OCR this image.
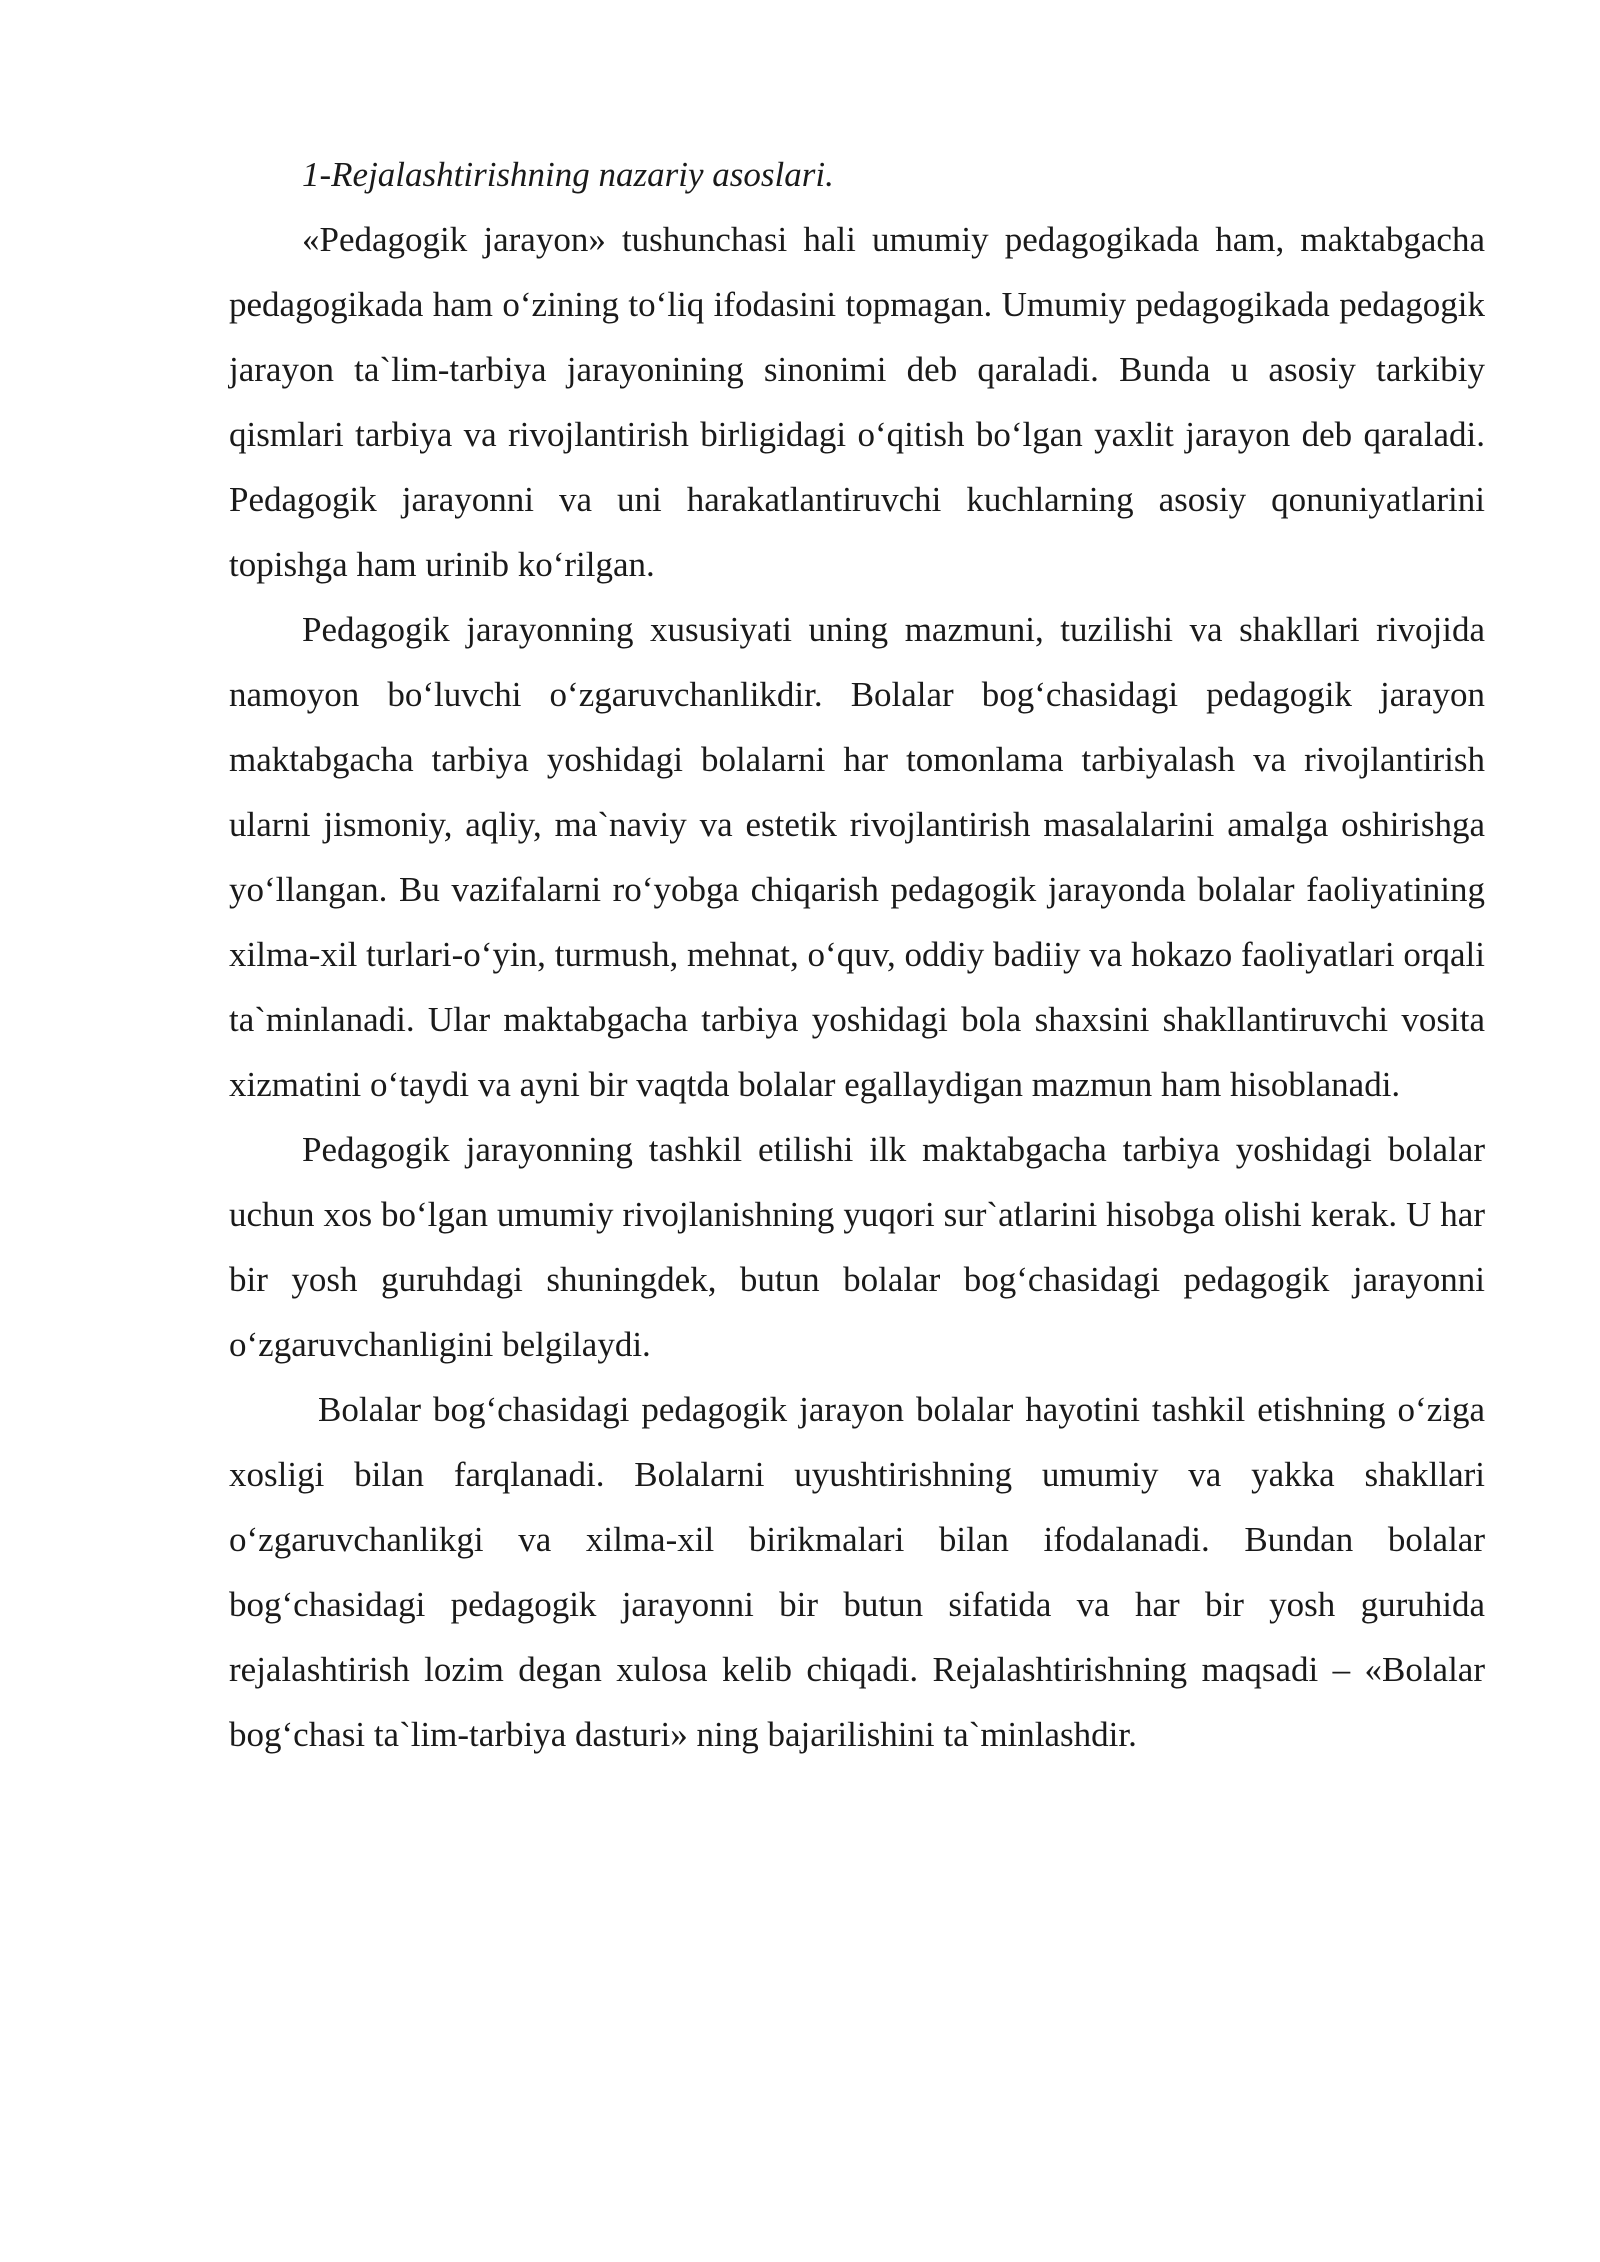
1-Rejalashtirishning nazariy asoslari.

«Pedagogik jarayon» tushunchasi hali umumiy pedagogikada ham, maktabgacha pedagogikada ham o‘zining to‘liq ifodasini topmagan. Umumiy pedagogikada pedagogik jarayon ta`lim-tarbiya jarayonining sinonimi deb qaraladi. Bunda u asosiy tarkibiy qismlari tarbiya va rivojlantirish birligidagi o‘qitish bo‘lgan yaxlit jarayon deb qaraladi. Pedagogik jarayonni va uni harakatlantiruvchi kuchlarning asosiy qonuniyatlarini topishga ham urinib ko‘rilgan.

Pedagogik jarayonning xususiyati uning mazmuni, tuzilishi va shakllari rivojida namoyon bo‘luvchi o‘zgaruvchanlikdir. Bolalar bog‘chasidagi pedagogik jarayon maktabgacha tarbiya yoshidagi bolalarni har tomonlama tarbiyalash va rivojlantirish ularni jismoniy, aqliy, ma`naviy va estetik rivojlantirish masalalarini amalga oshirishga yo‘llangan. Bu vazifalarni ro‘yobga chiqarish pedagogik jarayonda bolalar faoliyatining xilma-xil turlari-o‘yin, turmush, mehnat, o‘quv, oddiy badiiy va hokazo faoliyatlari orqali ta`minlanadi. Ular maktabgacha tarbiya yoshidagi bola shaxsini shakllantiruvchi vosita xizmatini o‘taydi va ayni bir vaqtda bolalar egallaydigan mazmun ham hisoblanadi.

Pedagogik jarayonning tashkil etilishi ilk maktabgacha tarbiya yoshidagi bolalar uchun xos bo‘lgan umumiy rivojlanishning yuqori sur`atlarini hisobga olishi kerak. U har bir yosh guruhdagi shuningdek, butun bolalar bog‘chasidagi pedagogik jarayonni o‘zgaruvchanligini belgilaydi.

Bolalar bog‘chasidagi pedagogik jarayon bolalar hayotini tashkil etishning o‘ziga xosligi bilan farqlanadi. Bolalarni uyushtirishning umumiy va yakka shakllari o‘zgaruvchanlikgi va xilma-xil birikmalari bilan ifodalanadi. Bundan bolalar bog‘chasidagi pedagogik jarayonni bir butun sifatida va har bir yosh guruhida rejalashtirish lozim degan xulosa kelib chiqadi. Rejalashtirishning maqsadi – «Bolalar bog‘chasi ta`lim-tarbiya dasturi» ning bajarilishini ta`minlashdir.
